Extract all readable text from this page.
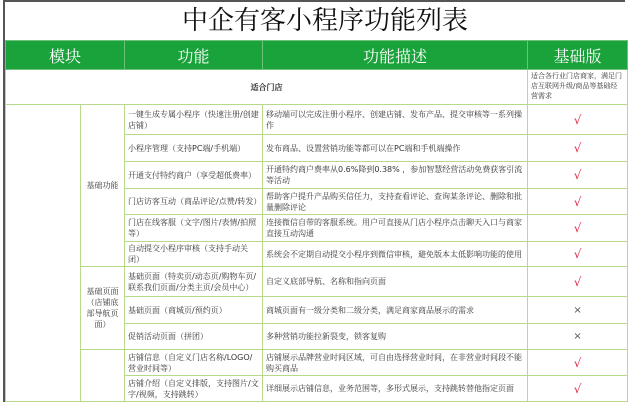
中企有客小程序功能列表
模块		功能	功能描述	基础版
适合门店				适合各行业门店商家，满足门店互联网升级/商品等基础经营需求
	基础功能	一键生成专属小程序（快速注册/创建店铺）	移动端可以完成注册小程序、创建店铺、发布产品、提交审核等一系列操作	√
		小程序管理（支持PC端/手机端）	发布商品、设置营销功能等都可以在PC端和手机端操作	√
		开通支付特约商户（享受超低费率）	开通特约商户费率从0.6%降到0.38% ，参加智慧经营活动免费获客引流等活动	√
		门店访客互动（商品评论/点赞/转发）	帮助客户提升产品购买信任力，支持查看评论、查询某条评论、删除和批量删除评论	√
		门店在线客服（文字/图片/表情/拍照等）	连接微信自带的客服系统。用户可直接从门店小程序点击聊天入口与商家直接互动沟通	√
		自动提交小程序审核（支持手动关闭）	系统会不定期自动提交小程序到微信审核，避免版本太低影响功能的使用	√
	基础页面（店铺底部导航页面）	基础页面（特卖页/动态页/购物车页/联系我们页面/分类主页/会员中心）	自定义底部导航、名称和指向页面	√
		基础页面（商城页/预约页）	商城页面有一级分类和二级分类，满足商家商品展示的需求	×
		促销活动页面（拼团）	多种营销功能拉新裂变，锁客复购	×
		店铺信息（自定义门店名称/LOGO/营业时间等）	店铺展示品牌营业时间区域，可自由选择营业时间，在非营业时间段不能购买商品	√
		店铺介绍（自定义排版，支持图片/文字/视频，支持跳转）	详细展示店铺信息，业务范围等，多形式展示，支持跳转替他指定页面	√
